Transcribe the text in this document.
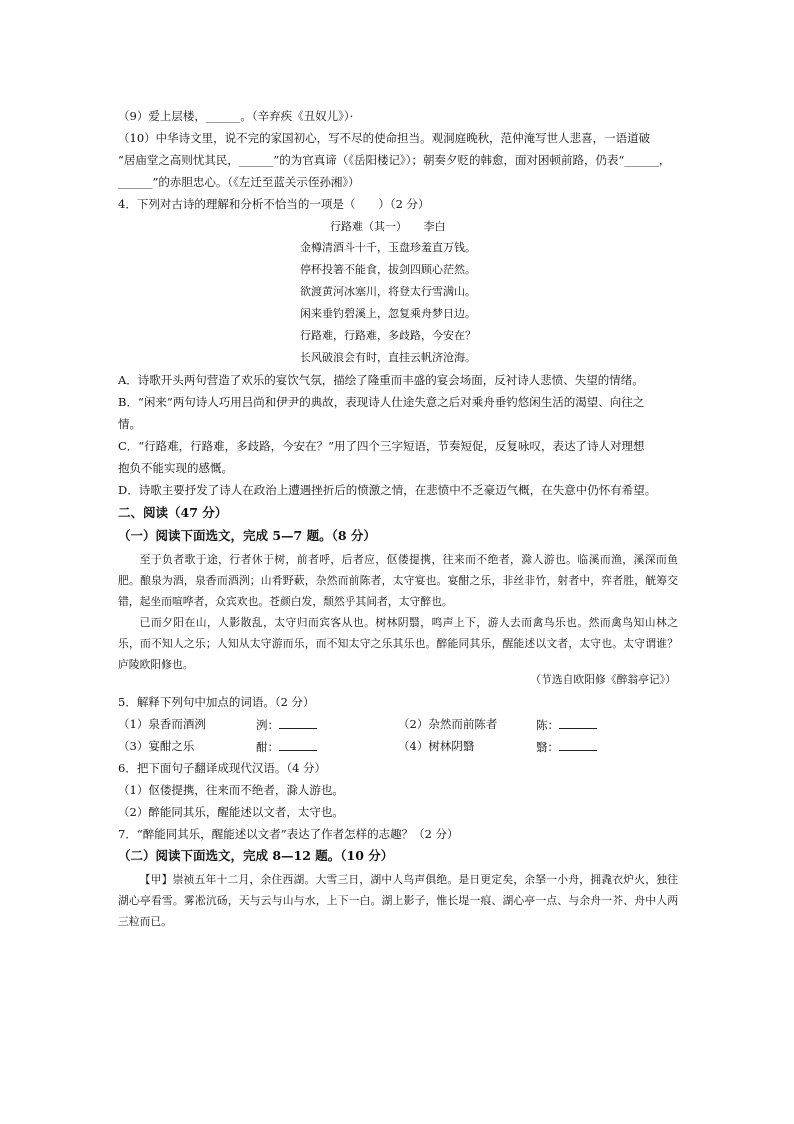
（9）爱上层楼，______。（辛弃疾《丑奴儿》）·
（10）中华诗文里，说不完的家国初心，写不尽的使命担当。观洞庭晚秋，范仲淹写世人悲喜，一语道破
“居庙堂之高则忧其民，______”的为官真谛（《岳阳楼记》）；朝奏夕贬的韩愈，面对困顿前路，仍表“______，
______”的赤胆忠心。（《左迁至蓝关示侄孙湘》）
4．下列对古诗的理解和分析不恰当的一项是（　　）（2 分）
行路难（其一）　　李白
金樽清酒斗十千，玉盘珍羞直万钱。
停杯投箸不能食，拔剑四顾心茫然。
欲渡黄河冰塞川，将登太行雪满山。
闲来垂钓碧溪上，忽复乘舟梦日边。
行路难，行路难，多歧路，今安在？
长风破浪会有时，直挂云帆济沧海。
A．诗歌开头两句营造了欢乐的宴饮气氛，描绘了隆重而丰盛的宴会场面，反衬诗人悲愤、失望的情绪。
B．“闲来”两句诗人巧用吕尚和伊尹的典故，表现诗人仕途失意之后对乘舟垂钓悠闲生活的渴望、向往之
情。
C．“行路难，行路难，多歧路，今安在？”用了四个三字短语，节奏短促，反复咏叹，表达了诗人对理想
抱负不能实现的感慨。
D．诗歌主要抒发了诗人在政治上遭遇挫折后的愤激之情，在悲愤中不乏豪迈气概，在失意中仍怀有希望。
二、阅读（47 分）
（一）阅读下面选文，完成 5—7 题。（8 分）
至于负者歌于途，行者休于树，前者呼，后者应，伛偻提携，往来而不绝者，滁人游也。临溪而渔，溪深而鱼肥。酿泉为酒，泉香而酒洌；山肴野蔌，杂然而前陈者，太守宴也。宴酣之乐，非丝非竹，射者中，弈者胜，觥筹交错，起坐而喧哗者，众宾欢也。苍颜白发，颓然乎其间者，太守醉也。
已而夕阳在山，人影散乱，太守归而宾客从也。树林阴翳，鸣声上下，游人去而禽鸟乐也。然而禽鸟知山林之乐，而不知人之乐；人知从太守游而乐，而不知太守之乐其乐也。醉能同其乐，醒能述以文者，太守也。太守谓谁？庐陵欧阳修也。
（节选自欧阳修《醉翁亭记》）
5．解释下列句中加点的词语。（2 分）
（1）泉香而酒洌	洌：	（2）杂然而前陈者	陈：
（3）宴酣之乐	酣：	（4）树林阴翳	翳：
6．把下面句子翻译成现代汉语。（4 分）
（1）伛偻提携，往来而不绝者，滁人游也。
（2）醉能同其乐，醒能述以文者，太守也。
7．“醉能同其乐，醒能述以文者”表达了作者怎样的志趣？（2 分）
（二）阅读下面选文，完成 8—12 题。（10 分）
【甲】崇祯五年十二月，余住西湖。大雪三日，湖中人鸟声俱绝。是日更定矣，余拏一小舟，拥毳衣炉火，独往湖心亭看雪。雾凇沆砀，天与云与山与水，上下一白。湖上影子，惟长堤一痕、湖心亭一点、与余舟一芥、舟中人两三粒而已。
